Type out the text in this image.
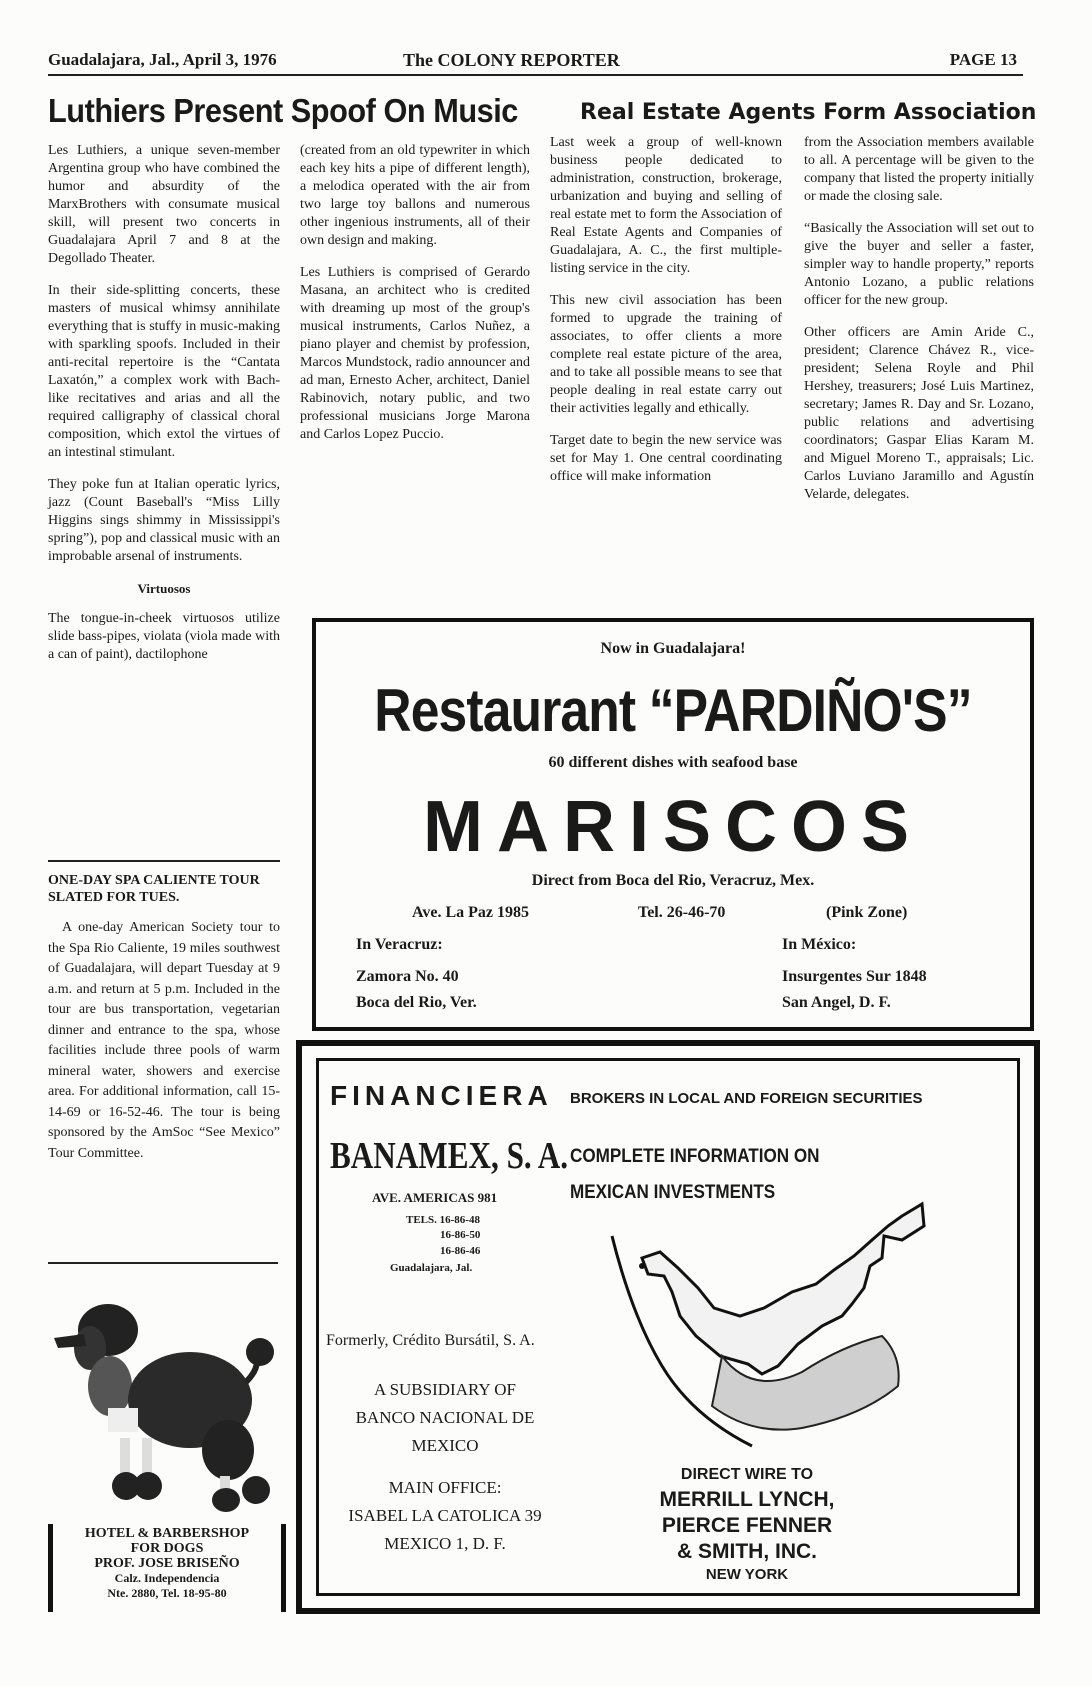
Guadalajara, Jal., April 3, 1976	The COLONY REPORTER	PAGE 13
Luthiers Present Spoof On Music

Les Luthiers, a unique seven-member Argentina group who have combined the humor and absurdity of the MarxBrothers with consumate musical skill, will present two concerts in Guadalajara April 7 and 8 at the Degollado Theater.

In their side-splitting concerts, these masters of musical whimsy annihilate everything that is stuffy in music-making with sparkling spoofs. Included in their anti-recital repertoire is the “Cantata Laxatón,” a complex work with Bach-like recitatives and arias and all the required calligraphy of classical choral composition, which extol the virtues of an intestinal stimulant.

They poke fun at Italian operatic lyrics, jazz (Count Baseball's “Miss Lilly Higgins sings shimmy in Mississippi's spring”), pop and classical music with an improbable arsenal of instruments.

Virtuosos

The tongue-in-cheek virtuosos utilize slide bass-pipes, violata (viola made with a can of paint), dactilophone

(created from an old typewriter in which each key hits a pipe of different length), a melodica operated with the air from two large toy ballons and numerous other ingenious instruments, all of their own design and making.

Les Luthiers is comprised of Gerardo Masana, an architect who is credited with dreaming up most of the group's musical instruments, Carlos Nuñez, a piano player and chemist by profession, Marcos Mundstock, radio announcer and ad man, Ernesto Acher, architect, Daniel Rabinovich, notary public, and two professional musicians Jorge Marona and Carlos Lopez Puccio.

Real Estate Agents Form Association

Last week a group of well-known business people dedicated to administration, construction, brokerage, urbanization and buying and selling of real estate met to form the Association of Real Estate Agents and Companies of Guadalajara, A. C., the first multiple-listing service in the city.

This new civil association has been formed to upgrade the training of associates, to offer clients a more complete real estate picture of the area, and to take all possible means to see that people dealing in real estate carry out their activities legally and ethically.

Target date to begin the new service was set for May 1. One central coordinating office will make information

from the Association members available to all. A percentage will be given to the company that listed the property initially or made the closing sale.

“Basically the Association will set out to give the buyer and seller a faster, simpler way to handle property,” reports Antonio Lozano, a public relations officer for the new group.

Other officers are Amin Aride C., president; Clarence Chávez R., vice-president; Selena Royle and Phil Hershey, treasurers; José Luis Martinez, secretary; James R. Day and Sr. Lozano, public relations and advertising coordinators; Gaspar Elias Karam M. and Miguel Moreno T., appraisals; Lic. Carlos Luviano Jaramillo and Agustín Velarde, delegates.

ONE-DAY SPA CALIENTE TOUR SLATED FOR TUES.

A one-day American Society tour to the Spa Rio Caliente, 19 miles southwest of Guadalajara, will depart Tuesday at 9 a.m. and return at 5 p.m. Included in the tour are bus transportation, vegetarian dinner and entrance to the spa, whose facilities include three pools of warm mineral water, showers and exercise area. For additional information, call 15-14-69 or 16-52-46. The tour is being sponsored by the AmSoc “See Mexico” Tour Committee.

Now in Guadalajara!
Restaurant “PARDIÑO'S”
60 different dishes with seafood base
MARISCOS
Direct from Boca del Rio, Veracruz, Mex.
Ave. La Paz 1985	Tel. 26-46-70	(Pink Zone)
In Veracruz:
Zamora No. 40
Boca del Rio, Ver.
In México:
Insurgentes Sur 1848
San Angel, D. F.
FINANCIERA BROKERS IN LOCAL AND FOREIGN SECURITIES
BANAMEX, S. A. COMPLETE INFORMATION ON
MEXICAN INVESTMENTS
AVE. AMERICAS 981
TELS. 16-86-48
16-86-50
16-86-46
Guadalajara, Jal.
Formerly, Crédito Bursátil, S. A.
A SUBSIDIARY OF
BANCO NACIONAL DE
MEXICO
MAIN OFFICE:
ISABEL LA CATOLICA 39
MEXICO 1, D. F.
DIRECT WIRE TO
MERRILL LYNCH,
PIERCE FENNER
& SMITH, INC.
NEW YORK
HOTEL & BARBERSHOP
FOR DOGS
PROF. JOSE BRISEÑO
Calz. Independencia
Nte. 2880, Tel. 18-95-80
